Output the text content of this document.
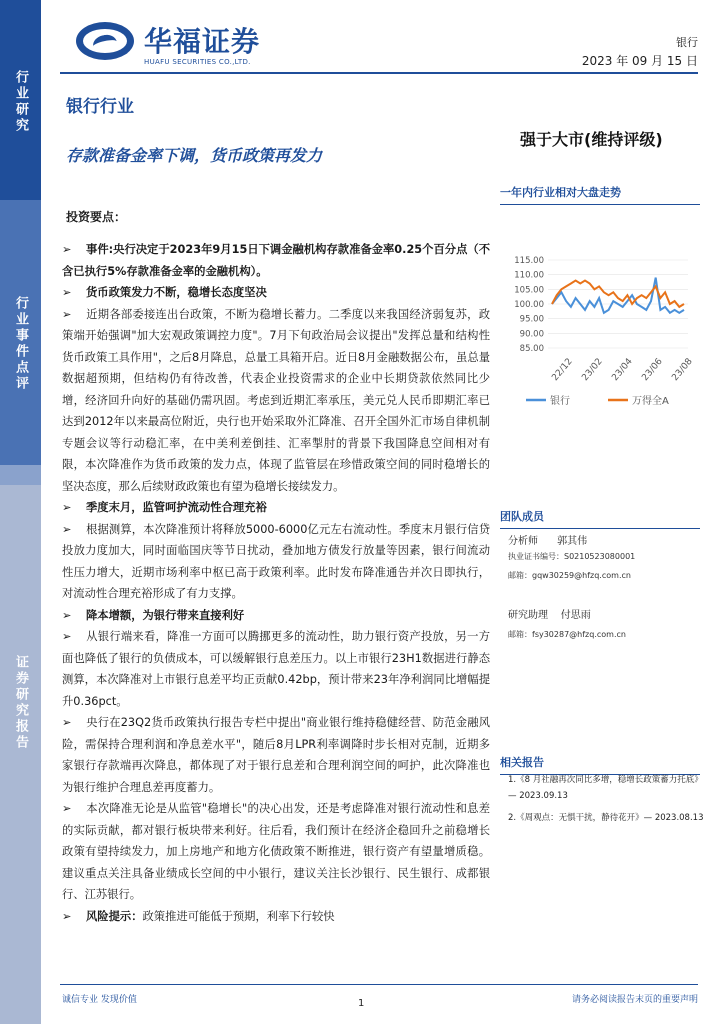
行业研究
行业事件点评
证券研究报告
华福证券
HUAFU SECURITIES CO.,LTD.
银行
2023 年 09 月 15 日
银行行业
存款准备金率下调，货币政策再发力
强于大市(维持评级)
一年内行业相对大盘走势
115.00
110.00
105.00
100.00
95.00
90.00
85.00
22/12 23/02 23/04 23/06 23/08
银行	万得全A
团队成员
分析师 郭其伟
执业证书编号：S0210523080001
邮箱：gqw30259@hfzq.com.cn
研究助理 付思雨
邮箱：fsy30287@hfzq.com.cn
相关报告
1.《8 月社融再次同比多增，稳增长政策蓄力托底》— 2023.09.13
2.《周观点：无惧干扰，静待花开》— 2023.08.13
投资要点：

➢ 事件:央行决定于2023年9月15日下调金融机构存款准备金率0.25个百分点（不含已执行5%存款准备金率的金融机构）。

➢ 货币政策发力不断，稳增长态度坚决

➢ 近期各部委接连出台政策，不断为稳增长蓄力。二季度以来我国经济弱复苏，政策端开始强调"加大宏观政策调控力度"。7月下旬政治局会议提出"发挥总量和结构性货币政策工具作用"，之后8月降息，总量工具箱开启。近日8月金融数据公布，虽总量数据超预期，但结构仍有待改善，代表企业投资需求的企业中长期贷款依然同比少增，经济回升向好的基础仍需巩固。考虑到近期汇率承压，美元兑人民币即期汇率已达到2012年以来最高位附近，央行也开始采取外汇降准、召开全国外汇市场自律机制专题会议等行动稳汇率，在中美利差倒挂、汇率掣肘的背景下我国降息空间相对有限，本次降准作为货币政策的发力点，体现了监管层在珍惜政策空间的同时稳增长的坚决态度，那么后续财政政策也有望为稳增长接续发力。

➢ 季度末月，监管呵护流动性合理充裕

➢ 根据测算，本次降准预计将释放5000-6000亿元左右流动性。季度末月银行信贷投放力度加大，同时面临国庆等节日扰动，叠加地方债发行放量等因素，银行间流动性压力增大，近期市场利率中枢已高于政策利率。此时发布降准通告并次日即执行，对流动性合理充裕形成了有力支撑。

➢ 降本增额，为银行带来直接利好

➢ 从银行端来看，降准一方面可以腾挪更多的流动性，助力银行资产投放，另一方面也降低了银行的负债成本，可以缓解银行息差压力。以上市银行23H1数据进行静态测算，本次降准对上市银行息差平均正贡献0.42bp，预计带来23年净利润同比增幅提升0.36pct。

➢ 央行在23Q2货币政策执行报告专栏中提出"商业银行维持稳健经营、防范金融风险，需保持合理利润和净息差水平"，随后8月LPR利率调降时步长相对克制，近期多家银行存款端再次降息，都体现了对于银行息差和合理利润空间的呵护，此次降准也为银行维护合理息差再度蓄力。

➢ 本次降准无论是从监管"稳增长"的决心出发，还是考虑降准对银行流动性和息差的实际贡献，都对银行板块带来利好。往后看，我们预计在经济企稳回升之前稳增长政策有望持续发力，加上房地产和地方化债政策不断推进，银行资产有望量增质稳。建议重点关注具备业绩成长空间的中小银行，建议关注长沙银行、民生银行、成都银行、江苏银行。

➢ 风险提示：政策推进可能低于预期，利率下行较快

诚信专业 发现价值	1	请务必阅读报告末页的重要声明
